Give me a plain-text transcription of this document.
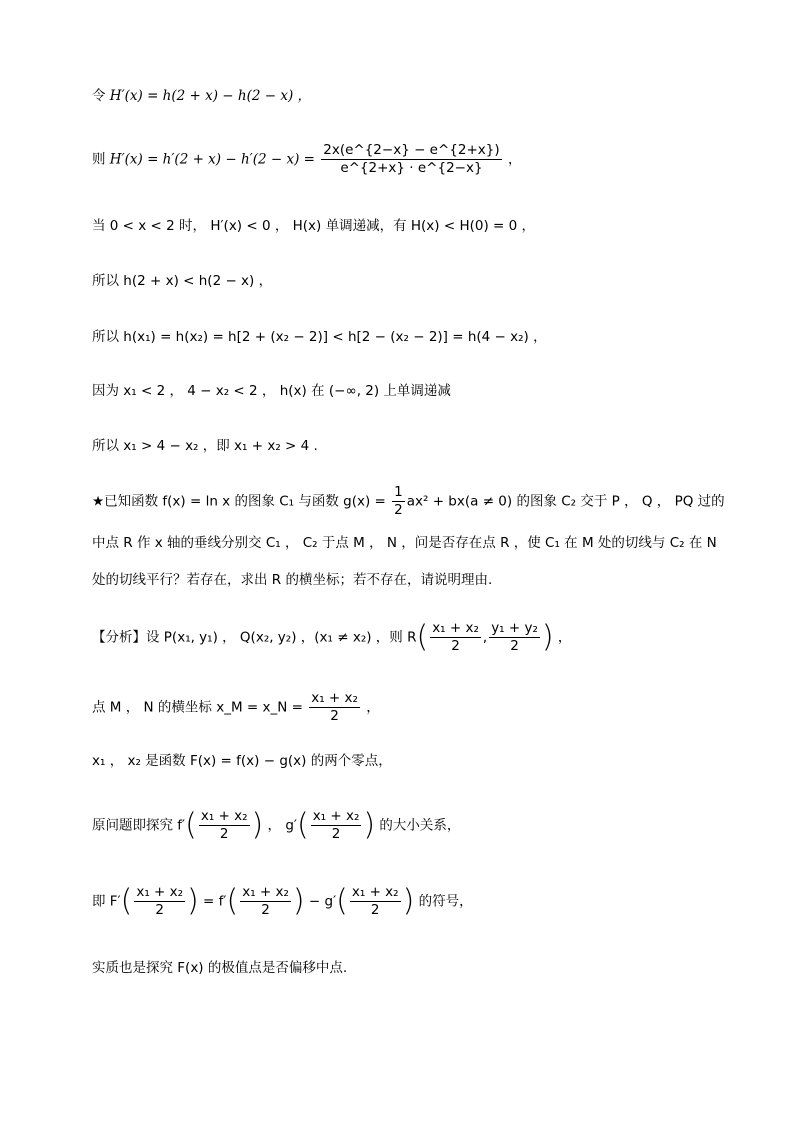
令 H′(x) = h(2 + x) − h(2 − x) ，
则 $H'(x) = h'(2 + x) - h'(2 - x) = \frac{2x(e\^{}\{2-x\} - e\^{}\{2+x\})}{e\^{}\{2+x\} \cdot e\^{}\{2-x\}}$ ，
当 0 < x < 2 时， H′(x) < 0 ， H(x) 单调递减，有 H(x) < H(0) = 0 ，
所以 h(2 + x) < h(2 − x) ，
所以 h(x₁) = h(x₂) = h[2 + (x₂ − 2)] < h[2 − (x₂ − 2)] = h(4 − x₂) ，
因为 x₁ < 2 ， 4 − x₂ < 2 ， h(x) 在 (−∞, 2) 上单调递减
所以 x₁ > 4 − x₂ ，即 x₁ + x₂ > 4 .
★已知函数 f(x) = ln x 的图象 C₁ 与函数 $g(x) = \frac{1}{2} ax^2 + bx(a \ne 0)$ 的图象 C₂ 交于 P ， Q ， PQ 过的
中点 R 作 x 轴的垂线分别交 C₁ ， C₂ 于点 M ， N ，问是否存在点 R ，使 C₁ 在 M 处的切线与 C₂ 在 N
处的切线平行？若存在，求出 R 的横坐标；若不存在，请说明理由.
【分析】设 P(x₁, y₁) ， Q(x₂, y₂) ，(x₁ ≠ x₂) ，则 $R( \frac{\text{x₁ + x₂}}{2}$ , $\frac{\text{y₁ + y₂}}{2}$ ) ，
点 M ， N 的横坐标 x_M = x_N = $\frac{\text{x₁ + x₂}}{2}$ ，
x₁ ， x₂ 是函数 F(x) = f(x) − g(x) 的两个零点，
原问题即探究 $f'( \frac{\text{x₁ + x₂}}{2}$ ) ， $g'( \frac{\text{x₁ + x₂}}{2}$ ) 的大小关系，
即 $F'( \frac{\text{x₁ + x₂}}{2}$ ) = $f'( \frac{\text{x₁ + x₂}}{2}$ ) − $g'( \frac{\text{x₁ + x₂}}{2}$ ) 的符号，
实质也是探究 F(x) 的极值点是否偏移中点.
